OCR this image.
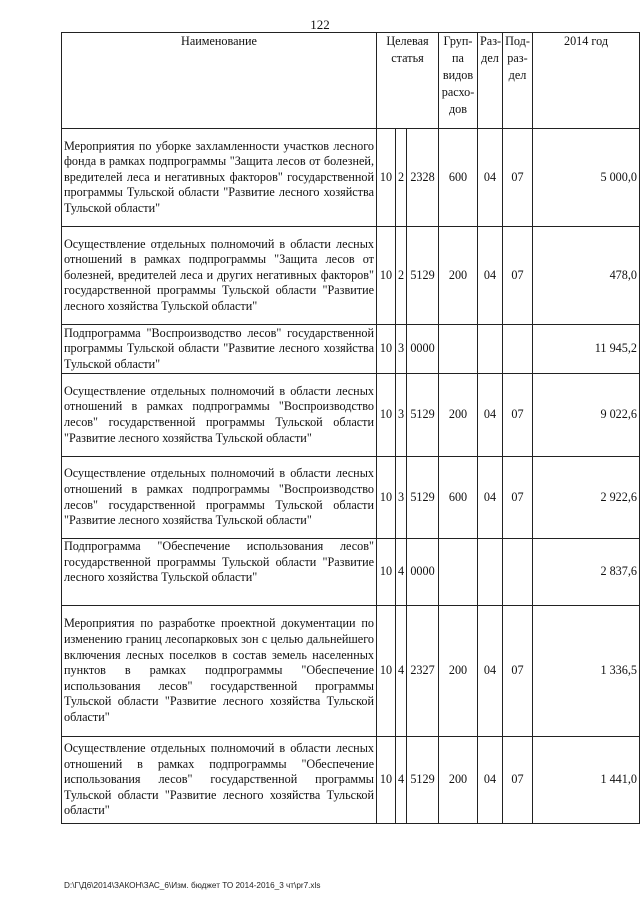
122
Наименование	Целевая статья			Груп-па видов расхо-дов	Раз-дел	Под-раз-дел	2014 год
Мероприятия по уборке захламленности участков лесного фонда в рамках подпрограммы "Защита лесов от болезней, вредителей леса и негативных факторов" государственной программы Тульской области "Развитие лесного хозяйства Тульской области"	10	2	2328	600	04	07	5 000,0
Осуществление отдельных полномочий в области лесных отношений в рамках подпрограммы "Защита лесов от болезней, вредителей леса и других негативных факторов" государственной программы Тульской области "Развитие лесного хозяйства Тульской области"	10	2	5129	200	04	07	478,0
Подпрограмма "Воспроизводство лесов" государственной программы Тульской области "Развитие лесного хозяйства Тульской области"	10	3	0000				11 945,2
Осуществление отдельных полномочий в области лесных отношений в рамках подпрограммы "Воспроизводство лесов" государственной программы Тульской области "Развитие лесного хозяйства Тульской области"	10	3	5129	200	04	07	9 022,6
Осуществление отдельных полномочий в области лесных отношений в рамках подпрограммы "Воспроизводство лесов" государственной программы Тульской области "Развитие лесного хозяйства Тульской области"	10	3	5129	600	04	07	2 922,6
Подпрограмма "Обеспечение использования лесов" государственной программы Тульской области "Развитие лесного хозяйства Тульской области"	10	4	0000				2 837,6
Мероприятия по разработке проектной документации по изменению границ лесопарковых зон с целью дальнейшего включения лесных поселков в состав земель населенных пунктов в рамках подпрограммы "Обеспечение использования лесов" государственной программы Тульской области "Развитие лесного хозяйства Тульской области"	10	4	2327	200	04	07	1 336,5
Осуществление отдельных полномочий в области лесных отношений в рамках подпрограммы "Обеспечение использования лесов" государственной программы Тульской области "Развитие лесного хозяйства Тульской области"	10	4	5129	200	04	07	1 441,0
D:\Г\Д6\2014\ЗАКОН\ЗАС_6\Изм. бюджет ТО 2014-2016_3 чт\pr7.xls
